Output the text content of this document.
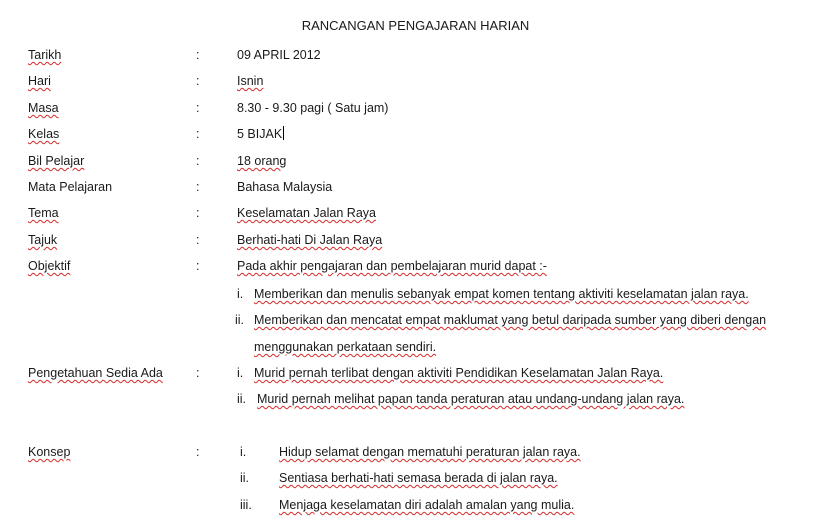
RANCANGAN PENGAJARAN HARIAN
Tarikh	:	09 APRIL 2012
Hari	:	Isnin
Masa	:	8.30 - 9.30 pagi ( Satu jam)
Kelas	:	5 BIJAK
Bil Pelajar	:	18 orang
Mata Pelajaran	:	Bahasa Malaysia
Tema	:	Keselamatan Jalan Raya
Tajuk	:	Berhati-hati Di Jalan Raya
Objektif	:	Pada akhir pengajaran dan pembelajaran murid dapat :-
i. Memberikan dan menulis sebanyak empat komen tentang aktiviti keselamatan jalan raya.
ii. Memberikan dan mencatat empat maklumat yang betul daripada sumber yang diberi dengan
menggunakan perkataan sendiri.
Pengetahuan Sedia Ada	:	i. Murid pernah terlibat dengan aktiviti Pendidikan Keselamatan Jalan Raya.
ii. Murid pernah melihat papan tanda peraturan atau undang-undang jalan raya.
Konsep	:	i.	Hidup selamat dengan mematuhi peraturan jalan raya.
ii. Sentiasa berhati-hati semasa berada di jalan raya.
iii. Menjaga keselamatan diri adalah amalan yang mulia.
